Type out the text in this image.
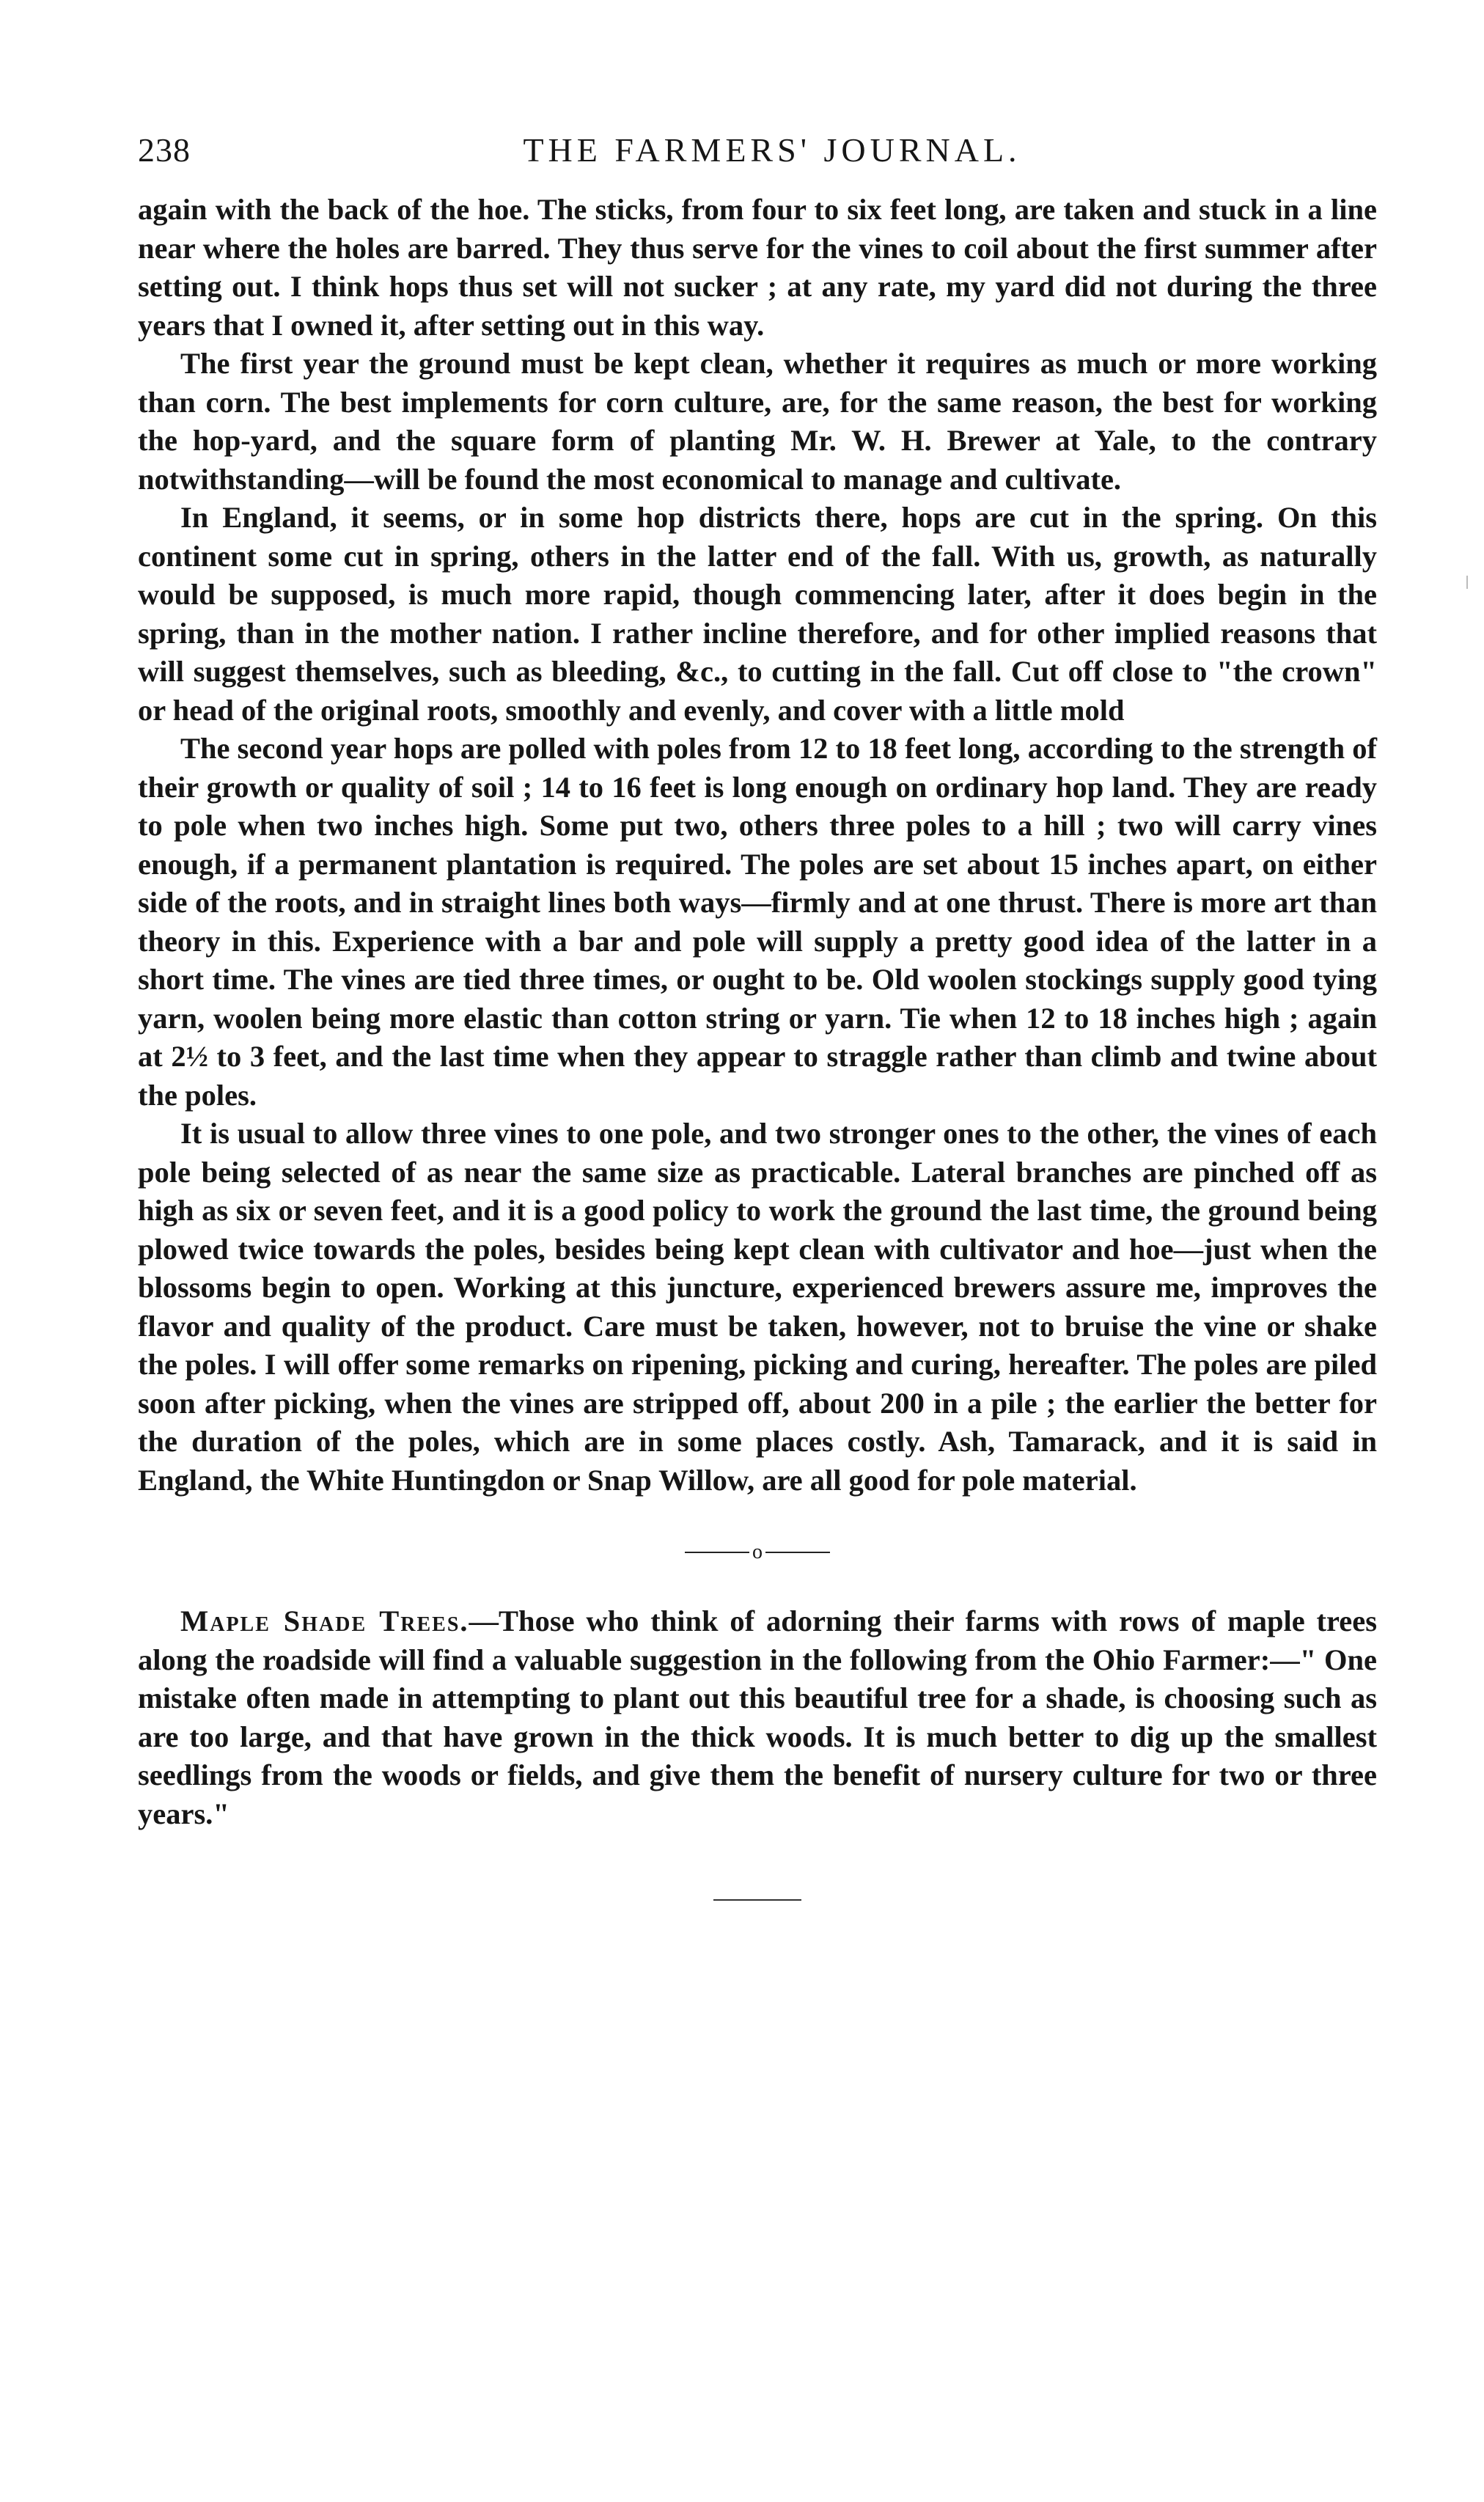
238	THE FARMERS' JOURNAL.

again with the back of the hoe. The sticks, from four to six feet long, are taken and stuck in a line near where the holes are barred. They thus serve for the vines to coil about the first summer after setting out. I think hops thus set will not sucker ; at any rate, my yard did not during the three years that I owned it, after setting out in this way.

The first year the ground must be kept clean, whether it requires as much or more working than corn. The best implements for corn culture, are, for the same reason, the best for working the hop-yard, and the square form of planting Mr. W. H. Brewer at Yale, to the contrary notwithstanding—will be found the most economical to manage and cultivate.

In England, it seems, or in some hop districts there, hops are cut in the spring. On this continent some cut in spring, others in the latter end of the fall. With us, growth, as naturally would be supposed, is much more rapid, though commencing later, after it does begin in the spring, than in the mother nation. I rather incline therefore, and for other implied reasons that will suggest themselves, such as bleeding, &c., to cutting in the fall. Cut off close to "the crown" or head of the original roots, smoothly and evenly, and cover with a little mold

The second year hops are polled with poles from 12 to 18 feet long, according to the strength of their growth or quality of soil ; 14 to 16 feet is long enough on ordinary hop land. They are ready to pole when two inches high. Some put two, others three poles to a hill ; two will carry vines enough, if a permanent plantation is required. The poles are set about 15 inches apart, on either side of the roots, and in straight lines both ways—firmly and at one thrust. There is more art than theory in this. Experience with a bar and pole will supply a pretty good idea of the latter in a short time. The vines are tied three times, or ought to be. Old woolen stockings supply good tying yarn, woolen being more elastic than cotton string or yarn. Tie when 12 to 18 inches high ; again at 2½ to 3 feet, and the last time when they appear to straggle rather than climb and twine about the poles.

It is usual to allow three vines to one pole, and two stronger ones to the other, the vines of each pole being selected of as near the same size as practicable. Lateral branches are pinched off as high as six or seven feet, and it is a good policy to work the ground the last time, the ground being plowed twice towards the poles, besides being kept clean with cultivator and hoe—just when the blossoms begin to open. Working at this juncture, experienced brewers assure me, improves the flavor and quality of the product. Care must be taken, however, not to bruise the vine or shake the poles. I will offer some remarks on ripening, picking and curing, hereafter. The poles are piled soon after picking, when the vines are stripped off, about 200 in a pile ; the earlier the better for the duration of the poles, which are in some places costly. Ash, Tamarack, and it is said in England, the White Huntingdon or Snap Willow, are all good for pole material.

o

Maple Shade Trees.—Those who think of adorning their farms with rows of maple trees along the roadside will find a valuable suggestion in the following from the Ohio Farmer:—" One mistake often made in attempting to plant out this beautiful tree for a shade, is choosing such as are too large, and that have grown in the thick woods. It is much better to dig up the smallest seedlings from the woods or fields, and give them the benefit of nursery culture for two or three years."
